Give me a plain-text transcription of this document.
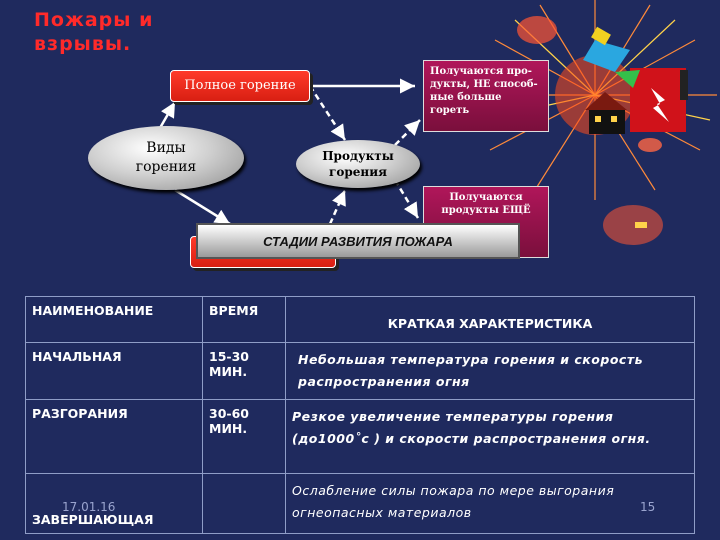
Пожары и взрывы.
Полное горение
Виды горения
Продукты горения
Получаются про-дукты, НЕ способ-ные больше гореть
Получаются продукты ЕЩЁ
СТАДИИ РАЗВИТИЯ ПОЖАРА
НАИМЕНОВАНИЕ	ВРЕМЯ	КРАТКАЯ ХАРАКТЕРИСТИКА
НАЧАЛЬНАЯ	15-30 МИН.	Небольшая температура горения и скорость распространения огня
РАЗГОРАНИЯ	30-60 МИН.	Резкое увеличение температуры горения (до1000˚с ) и скорости распространения огня.
ЗАВЕРШАЮЩАЯ		Ослабление силы пожара по мере выгорания огнеопасных материалов
17.01.16	15
